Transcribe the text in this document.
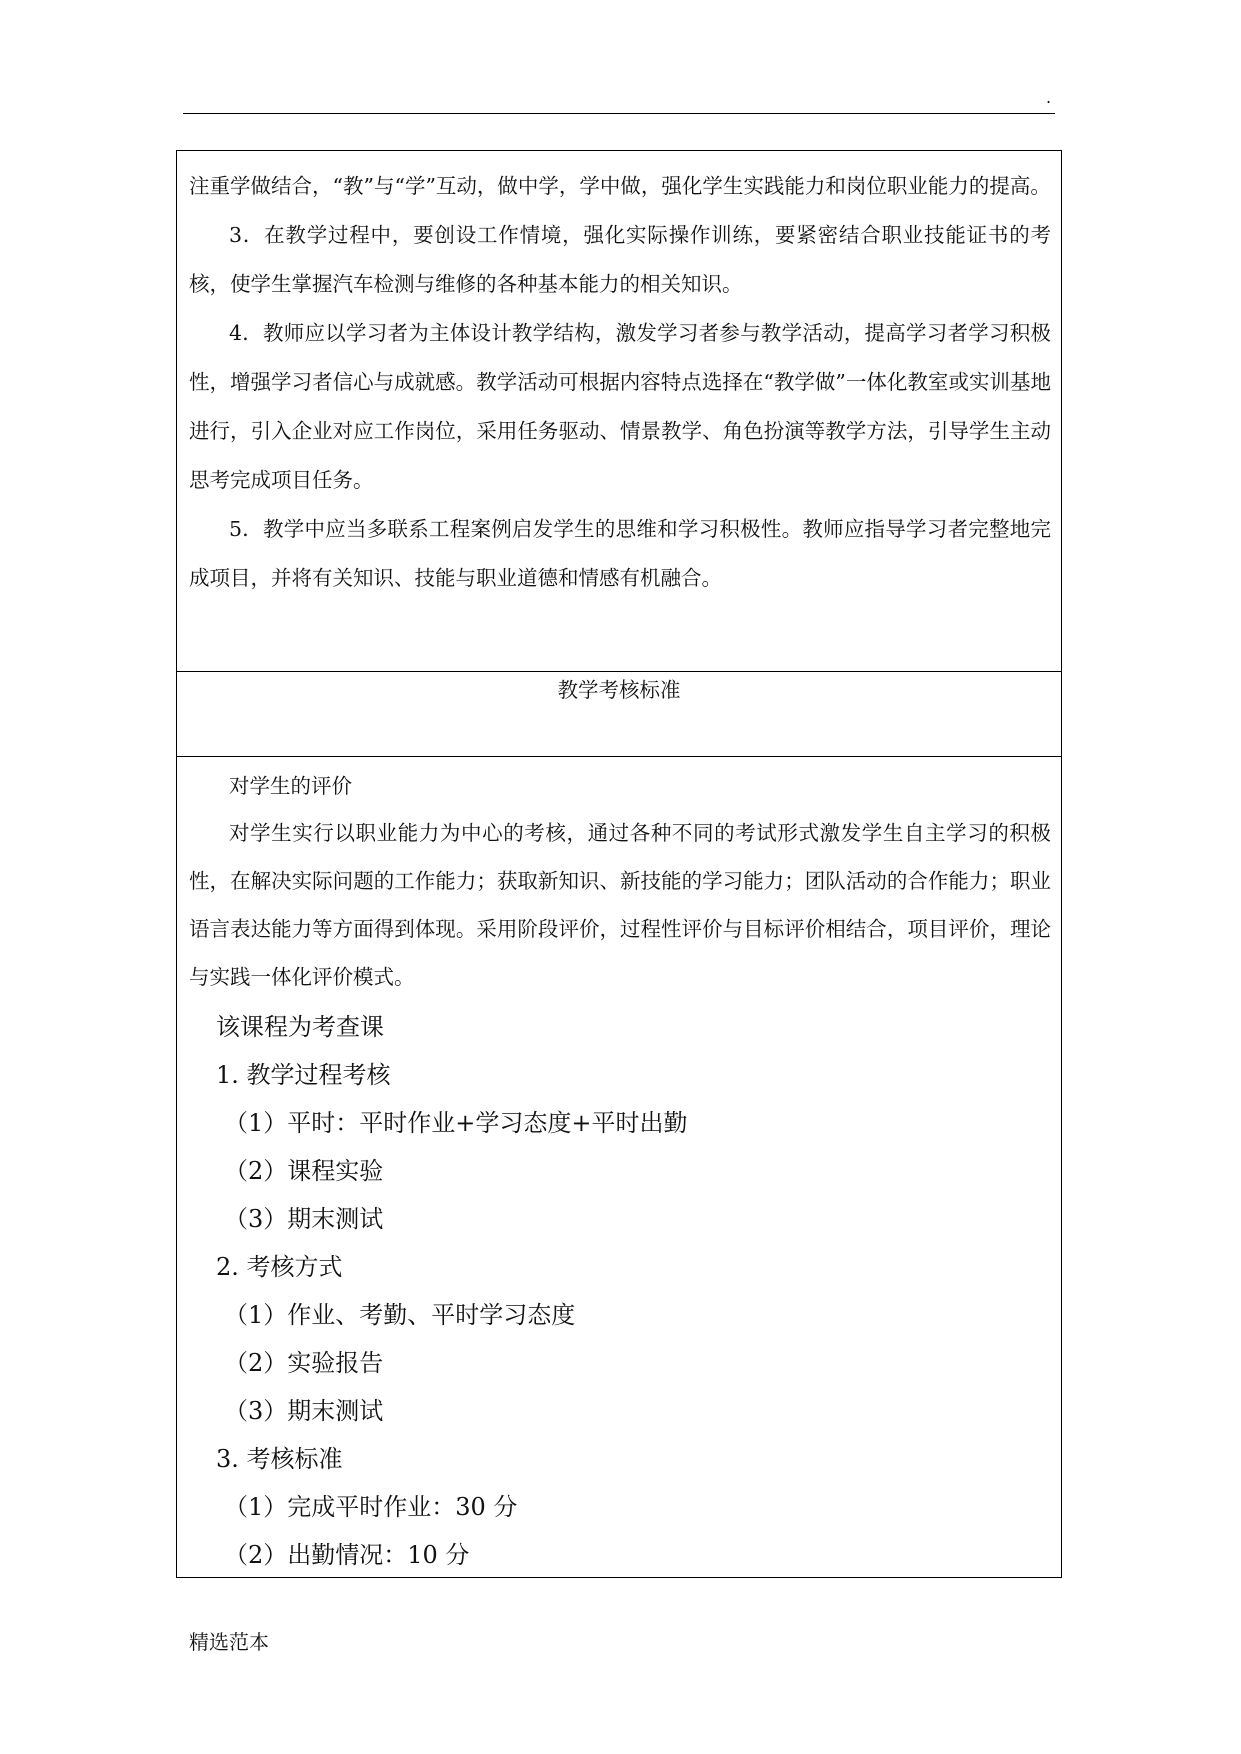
.

注重学做结合，“教”与“学”互动，做中学，学中做，强化学生实践能力和岗位职业能力的提高。

3．在教学过程中，要创设工作情境，强化实际操作训练，要紧密结合职业技能证书的考核，使学生掌握汽车检测与维修的各种基本能力的相关知识。

4．教师应以学习者为主体设计教学结构，激发学习者参与教学活动，提高学习者学习积极性，增强学习者信心与成就感。教学活动可根据内容特点选择在“教学做”一体化教室或实训基地进行，引入企业对应工作岗位，采用任务驱动、情景教学、角色扮演等教学方法，引导学生主动思考完成项目任务。

5．教学中应当多联系工程案例启发学生的思维和学习积极性。教师应指导学习者完整地完成项目，并将有关知识、技能与职业道德和情感有机融合。

教学考核标准

对学生的评价

对学生实行以职业能力为中心的考核，通过各种不同的考试形式激发学生自主学习的积极性，在解决实际问题的工作能力；获取新知识、新技能的学习能力；团队活动的合作能力；职业语言表达能力等方面得到体现。采用阶段评价，过程性评价与目标评价相结合，项目评价，理论与实践一体化评价模式。

该课程为考查课

1. 教学过程考核

（1）平时：平时作业+学习态度+平时出勤

（2）课程实验

（3）期末测试

2. 考核方式

（1）作业、考勤、平时学习态度

（2）实验报告

（3）期末测试

3. 考核标准

（1）完成平时作业：30 分

（2）出勤情况：10 分

精选范本
